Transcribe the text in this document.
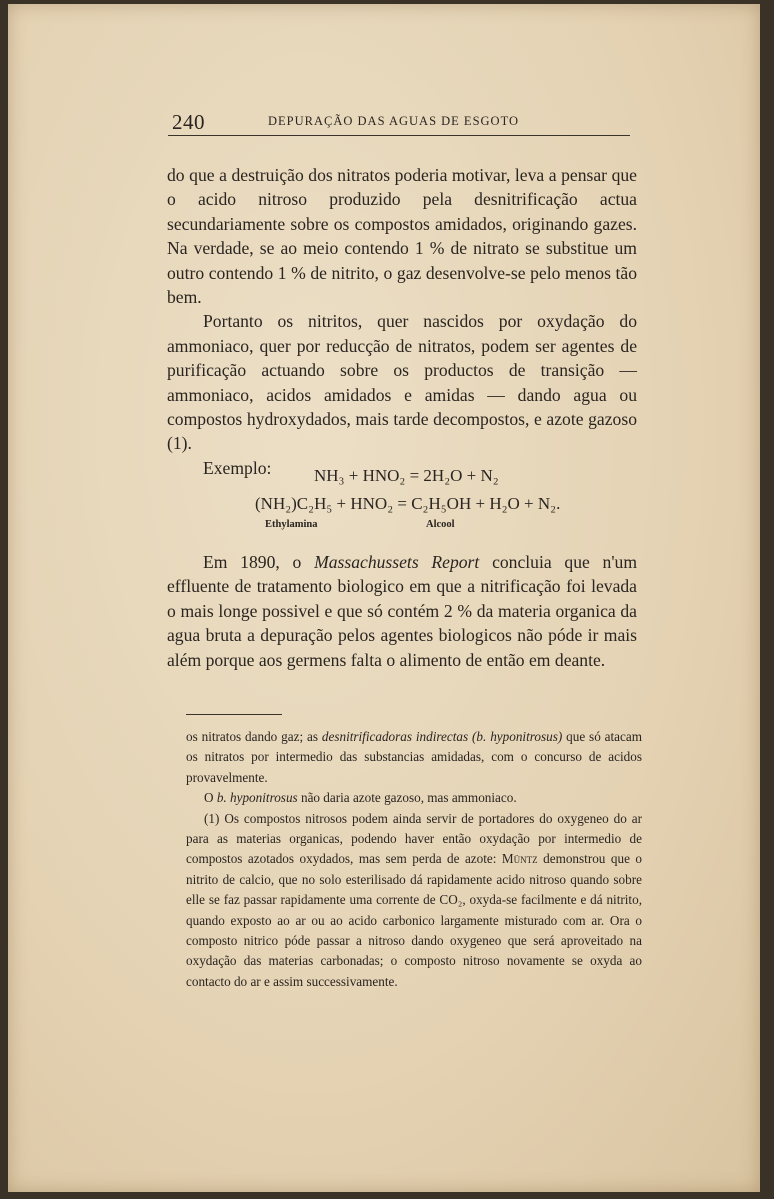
240	DEPURAÇÃO DAS AGUAS DE ESGOTO

do que a destruição dos nitratos poderia motivar, leva a pensar que o acido nitroso produzido pela desnitrificação actua secundariamente sobre os compostos amidados, originando gazes. Na verdade, se ao meio contendo 1 % de nitrato se substitue um outro contendo 1 % de nitrito, o gaz desenvolve-se pelo menos tão bem.

Portanto os nitritos, quer nascidos por oxydação do ammoniaco, quer por reducção de nitratos, podem ser agentes de purificação actuando sobre os productos de transição — ammoniaco, acidos amidados e amidas — dando agua ou compostos hydroxydados, mais tarde decompostos, e azote gazoso (1).

Exemplo:	NH₃ + HNO₂ = 2H₂O + N₂
(NH₂)C₂H₅ + HNO₂ = C₂H₅OH + H₂O + N₂.
Ethylamina	Alcool

Em 1890, o Massachussets Report concluia que n'um effluente de tratamento biologico em que a nitrificação foi levada o mais longe possivel e que só contém 2 % da materia organica da agua bruta a depuração pelos agentes biologicos não póde ir mais além porque aos germens falta o alimento de então em deante.

os nitratos dando gaz; as desnitrificadoras indirectas (b. hyponitrosus) que só atacam os nitratos por intermedio das substancias amidadas, com o concurso de acidos provavelmente.

O b. hyponitrosus não daria azote gazoso, mas ammoniaco.

(1) Os compostos nitrosos podem ainda servir de portadores do oxygeneo do ar para as materias organicas, podendo haver então oxydação por intermedio de compostos azotados oxydados, mas sem perda de azote: Müntz demonstrou que o nitrito de calcio, que no solo esterilisado dá rapidamente acido nitroso quando sobre elle se faz passar rapidamente uma corrente de CO₂, oxyda-se facilmente e dá nitrito, quando exposto ao ar ou ao acido carbonico largamente misturado com ar. Ora o composto nitrico póde passar a nitroso dando oxygeneo que será aproveitado na oxydação das materias carbonadas; o composto nitroso novamente se oxyda ao contacto do ar e assim successivamente.
